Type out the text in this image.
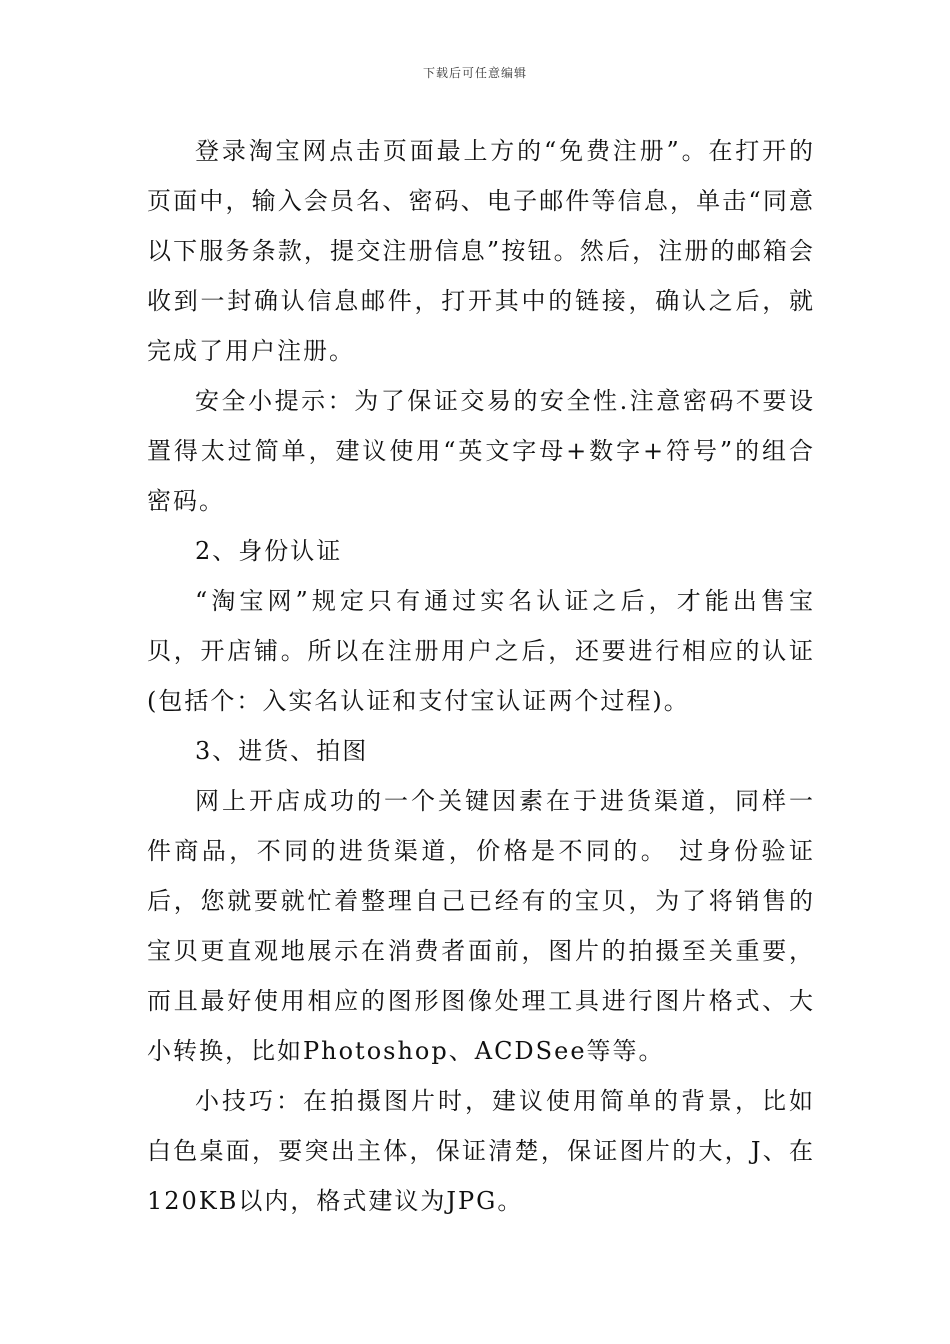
下载后可任意编辑

登录淘宝网点击页面最上方的“免费注册”。在打开的页面中，输入会员名、密码、电子邮件等信息，单击“同意以下服务条款，提交注册信息”按钮。然后，注册的邮箱会收到一封确认信息邮件，打开其中的链接，确认之后，就完成了用户注册。

安全小提示：为了保证交易的安全性.注意密码不要设置得太过简单，建议使用“英文字母+数字+符号”的组合密码。

2、身份认证

“淘宝网”规定只有通过实名认证之后，才能出售宝贝，开店铺。所以在注册用户之后，还要进行相应的认证(包括个：入实名认证和支付宝认证两个过程)。

3、进货、拍图

网上开店成功的一个关键因素在于进货渠道，同样一件商品，不同的进货渠道，价格是不同的。 过身份验证后，您就要就忙着整理自己已经有的宝贝，为了将销售的宝贝更直观地展示在消费者面前，图片的拍摄至关重要，而且最好使用相应的图形图像处理工具进行图片格式、大小转换，比如Photoshop、ACDSee等等。

小技巧：在拍摄图片时，建议使用简单的背景，比如白色桌面，要突出主体，保证清楚，保证图片的大，J、在120KB以内，格式建议为JPG。
